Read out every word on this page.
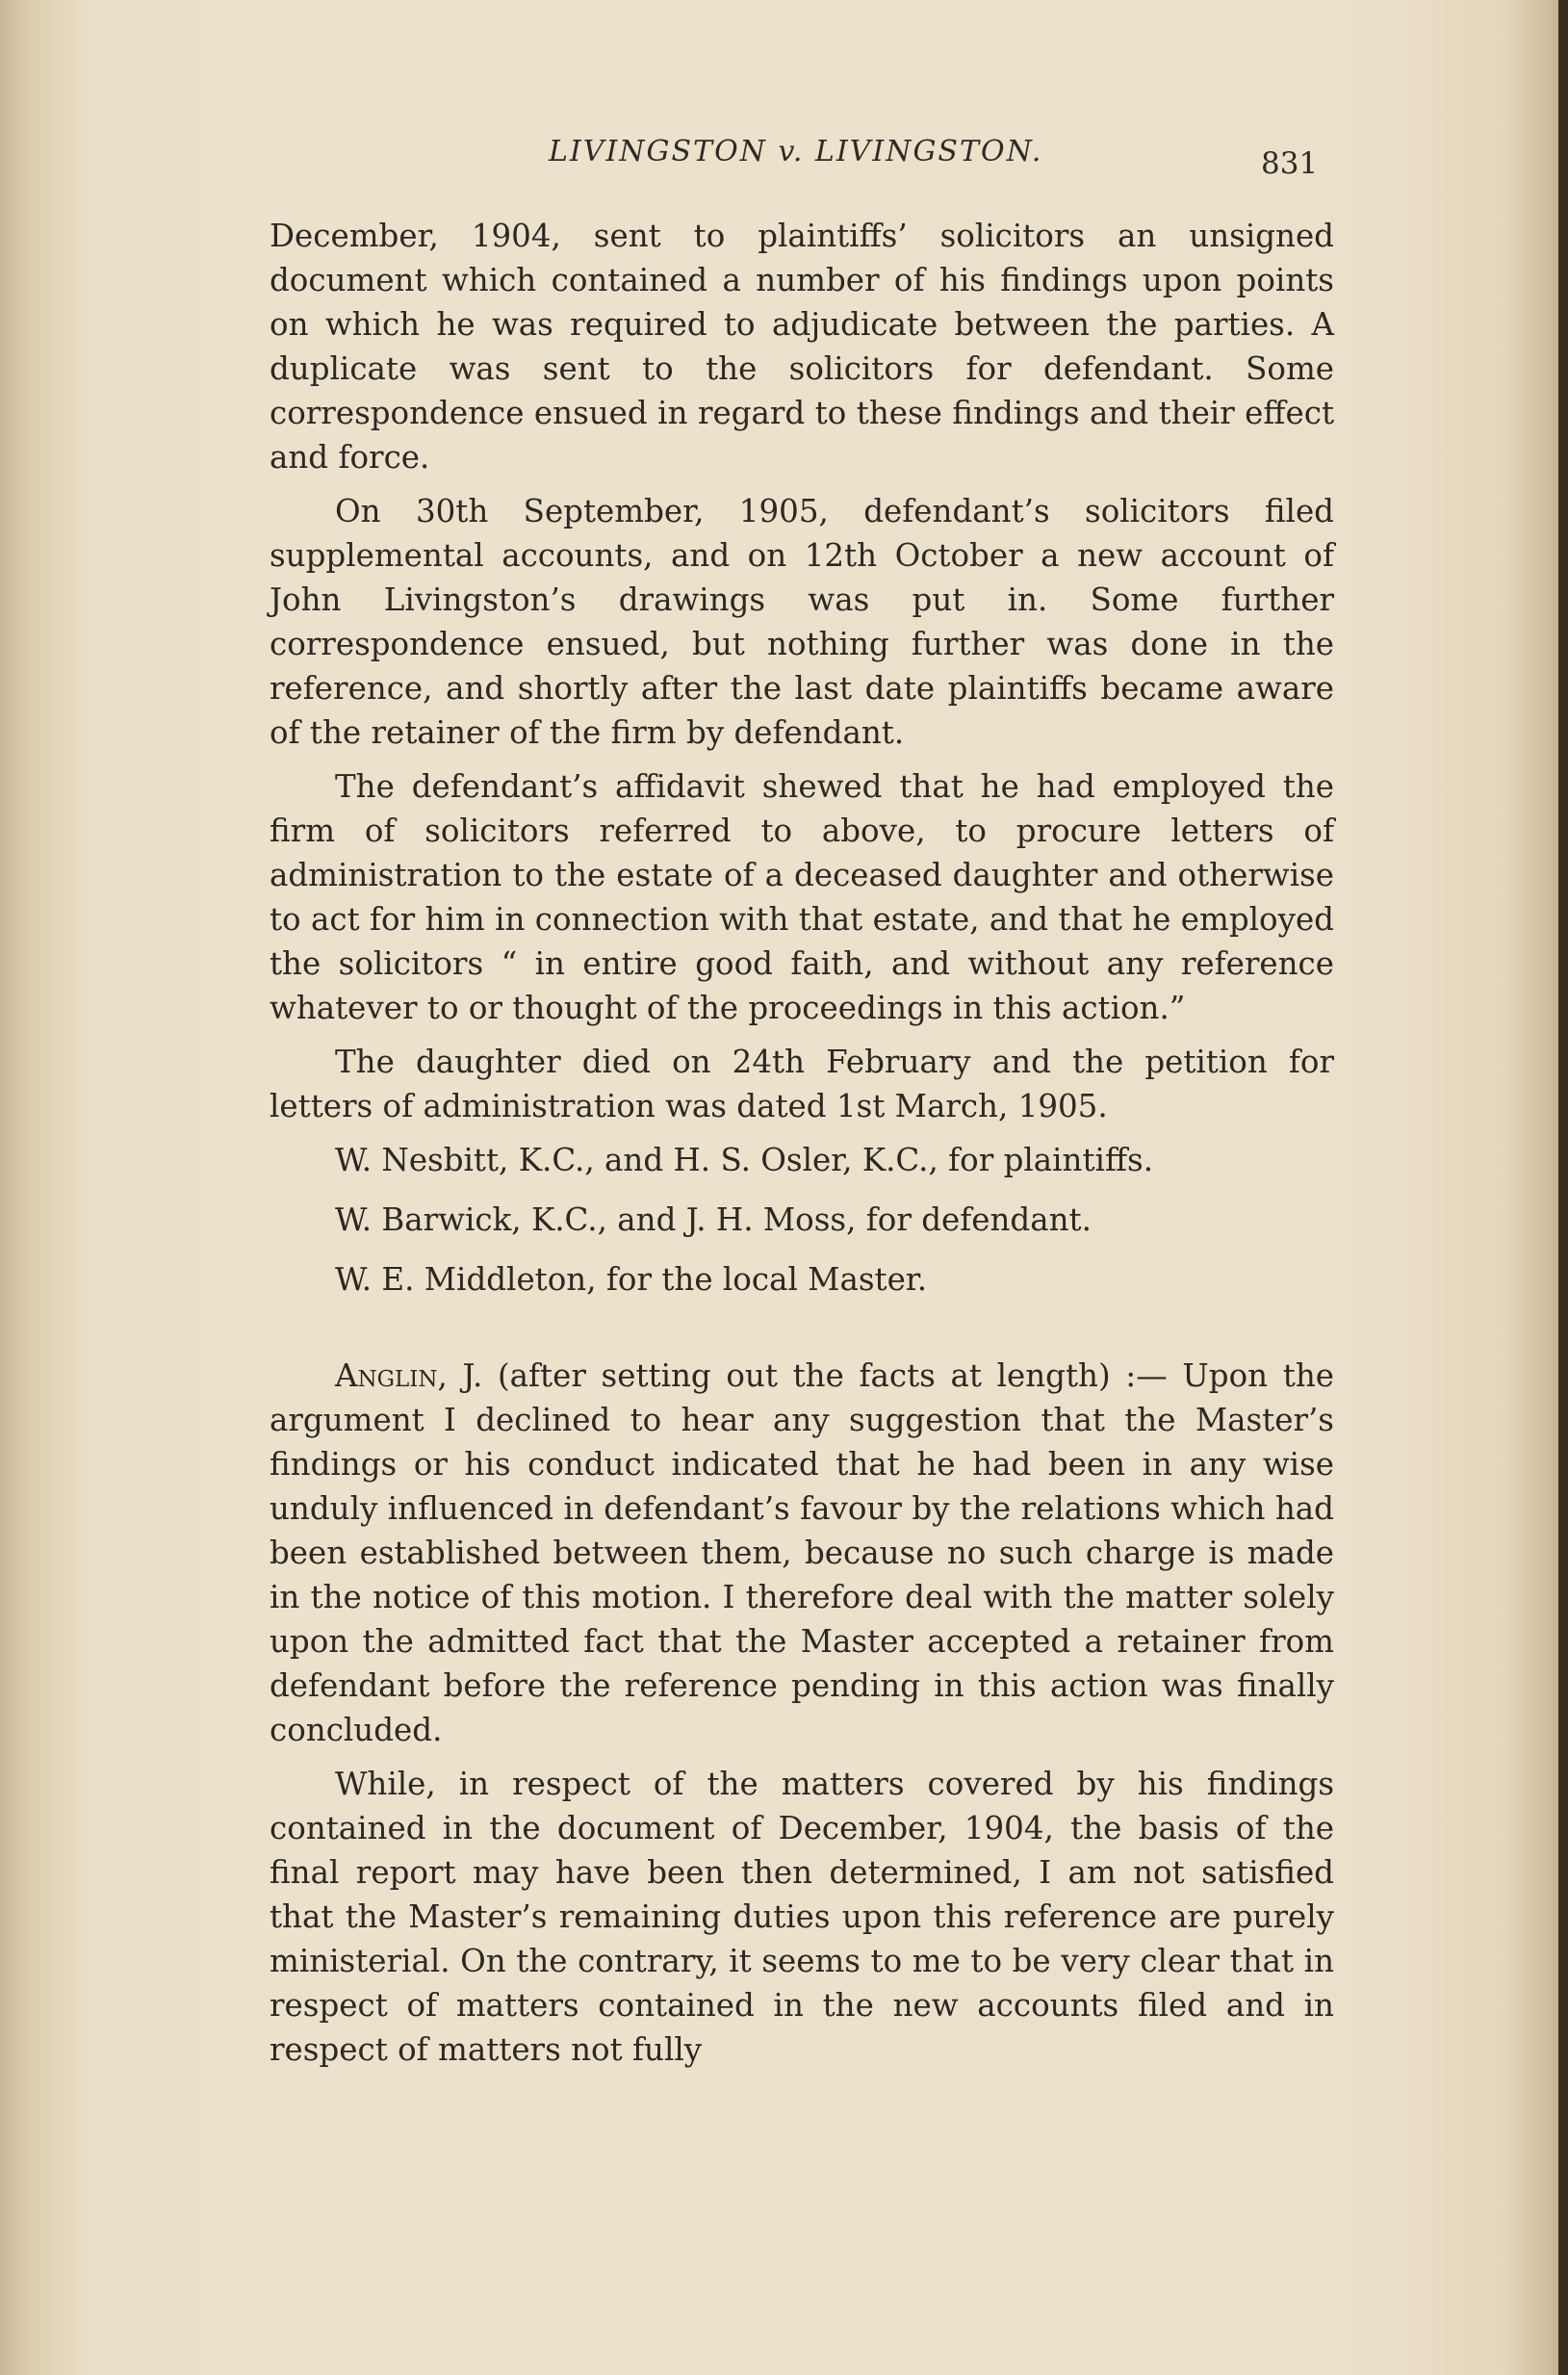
LIVINGSTON v. LIVINGSTON.	831

December, 1904, sent to plaintiffs’ solicitors an unsigned document which contained a number of his findings upon points on which he was required to adjudicate between the parties. A duplicate was sent to the solicitors for defendant. Some correspondence ensued in regard to these findings and their effect and force.

On 30th September, 1905, defendant’s solicitors filed supplemental accounts, and on 12th October a new account of John Livingston’s drawings was put in. Some further correspondence ensued, but nothing further was done in the reference, and shortly after the last date plaintiffs became aware of the retainer of the firm by defendant.

The defendant’s affidavit shewed that he had employed the firm of solicitors referred to above, to procure letters of administration to the estate of a deceased daughter and otherwise to act for him in connection with that estate, and that he employed the solicitors “ in entire good faith, and without any reference whatever to or thought of the proceedings in this action.”

The daughter died on 24th February and the petition for letters of administration was dated 1st March, 1905.

W. Nesbitt, K.C., and H. S. Osler, K.C., for plaintiffs.

W. Barwick, K.C., and J. H. Moss, for defendant.

W. E. Middleton, for the local Master.

Anglin, J. (after setting out the facts at length) :— Upon the argument I declined to hear any suggestion that the Master’s findings or his conduct indicated that he had been in any wise unduly influenced in defendant’s favour by the relations which had been established between them, because no such charge is made in the notice of this motion. I therefore deal with the matter solely upon the admitted fact that the Master accepted a retainer from defendant before the reference pending in this action was finally concluded.

While, in respect of the matters covered by his findings contained in the document of December, 1904, the basis of the final report may have been then determined, I am not satisfied that the Master’s remaining duties upon this reference are purely ministerial. On the contrary, it seems to me to be very clear that in respect of matters contained in the new accounts filed and in respect of matters not fully
